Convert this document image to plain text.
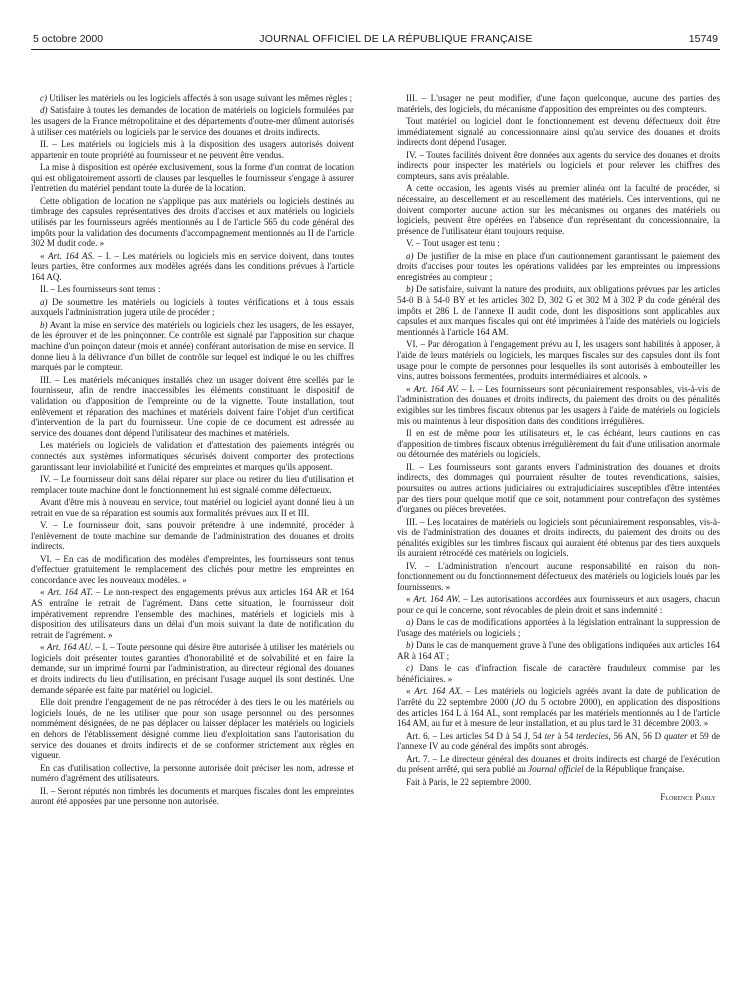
5 octobre 2000	JOURNAL OFFICIEL DE LA RÉPUBLIQUE FRANÇAISE	15749

c) Utiliser les matériels ou les logiciels affectés à son usage suivant les mêmes règles ;

d) Satisfaire à toutes les demandes de location de matériels ou logiciels formulées par les usagers de la France métropolitaine et des départements d'outre-mer dûment autorisés à utiliser ces matériels ou logiciels par le service des douanes et droits indirects.

II. – Les matériels ou logiciels mis à la disposition des usagers autorisés doivent appartenir en toute propriété au fournisseur et ne peuvent être vendus.

La mise à disposition est opérée exclusivement, sous la forme d'un contrat de location qui est obligatoirement assorti de clauses par lesquelles le fournisseur s'engage à assurer l'entretien du matériel pendant toute la durée de la location.

Cette obligation de location ne s'applique pas aux matériels ou logiciels destinés au timbrage des capsules représentatives des droits d'accises et aux matériels ou logiciels utilisés par les fournisseurs agréés mentionnés au I de l'article 565 du code général des impôts pour la validation des documents d'accompagnement mentionnés au II de l'article 302 M dudit code. »

« Art. 164 AS. – I. – Les matériels ou logiciels mis en service doivent, dans toutes leurs parties, être conformes aux modèles agréés dans les conditions prévues à l'article 164 AQ.

II. – Les fournisseurs sont tenus :

a) De soumettre les matériels ou logiciels à toutes vérifications et à tous essais auxquels l'administration jugera utile de procéder ;

b) Avant la mise en service des matériels ou logiciels chez les usagers, de les essayer, de les éprouver et de les poinçonner. Ce contrôle est signalé par l'apposition sur chaque machine d'un poinçon dateur (mois et année) conférant autorisation de mise en service. Il donne lieu à la délivrance d'un billet de contrôle sur lequel est indiqué le ou les chiffres marqués par le compteur.

III. – Les matériels mécaniques installés chez un usager doivent être scellés par le fournisseur, afin de rendre inaccessibles les éléments constituant le dispositif de validation ou d'apposition de l'empreinte ou de la vignette. Toute installation, tout enlèvement et réparation des machines et matériels doivent faire l'objet d'un certificat d'intervention de la part du fournisseur. Une copie de ce document est adressée au service des douanes dont dépend l'utilisateur des machines et matériels.

Les matériels ou logiciels de validation et d'attestation des paiements intégrés ou connectés aux systèmes informatiques sécurisés doivent comporter des protections garantissant leur inviolabilité et l'unicité des empreintes et marques qu'ils apposent.

IV. – Le fournisseur doit sans délai réparer sur place ou retirer du lieu d'utilisation et remplacer toute machine dont le fonctionnement lui est signalé comme défectueux.

Avant d'être mis à nouveau en service, tout matériel ou logiciel ayant donné lieu à un retrait en vue de sa réparation est soumis aux formalités prévues aux II et III.

V. – Le fournisseur doit, sans pouvoir prétendre à une indemnité, procéder à l'enlèvement de toute machine sur demande de l'administration des douanes et droits indirects.

VI. – En cas de modification des modèles d'empreintes, les fournisseurs sont tenus d'effectuer gratuitement le remplacement des clichés pour mettre les empreintes en concordance avec les nouveaux modèles. »

« Art. 164 AT. – Le non-respect des engagements prévus aux articles 164 AR et 164 AS entraîne le retrait de l'agrément. Dans cette situation, le fournisseur doit impérativement reprendre l'ensemble des machines, matériels et logiciels mis à disposition des utilisateurs dans un délai d'un mois suivant la date de notification du retrait de l'agrément. »

« Art. 164 AU. – I. – Toute personne qui désire être autorisée à utiliser les matériels ou logiciels doit présenter toutes garanties d'honorabilité et de solvabilité et en faire la demande, sur un imprimé fourni par l'administration, au directeur régional des douanes et droits indirects du lieu d'utilisation, en précisant l'usage auquel ils sont destinés. Une demande séparée est faite par matériel ou logiciel.

Elle doit prendre l'engagement de ne pas rétrocéder à des tiers le ou les matériels ou logiciels loués, de ne les utiliser que pour son usage personnel ou des personnes nommément désignées, de ne pas déplacer ou laisser déplacer les matériels ou logiciels en dehors de l'établissement désigné comme lieu d'exploitation sans l'autorisation du service des douanes et droits indirects et de se conformer strictement aux règles en vigueur.

En cas d'utilisation collective, la personne autorisée doit préciser les nom, adresse et numéro d'agrément des utilisateurs.

II. – Seront réputés non timbrés les documents et marques fiscales dont les empreintes auront été apposées par une personne non autorisée.

III. – L'usager ne peut modifier, d'une façon quelconque, aucune des parties des matériels, des logiciels, du mécanisme d'apposition des empreintes ou des compteurs.

Tout matériel ou logiciel dont le fonctionnement est devenu défectueux doit être immédiatement signalé au concessionnaire ainsi qu'au service des douanes et droits indirects dont dépend l'usager.

IV. – Toutes facilités doivent être données aux agents du service des douanes et droits indirects pour inspecter les matériels ou logiciels et pour relever les chiffres des compteurs, sans avis préalable.

A cette occasion, les agents visés au premier alinéa ont la faculté de procéder, si nécessaire, au descellement et au rescellement des matériels. Ces interventions, qui ne doivent comporter aucune action sur les mécanismes ou organes des matériels ou logiciels, peuvent être opérées en l'absence d'un représentant du concessionnaire, la présence de l'utilisateur étant toujours requise.

V. – Tout usager est tenu :

a) De justifier de la mise en place d'un cautionnement garantissant le paiement des droits d'accises pour toutes les opérations validées par les empreintes ou impressions enregistrées au compteur ;

b) De satisfaire, suivant la nature des produits, aux obligations prévues par les articles 54-0 B à 54-0 BY et les articles 302 D, 302 G et 302 M à 302 P du code général des impôts et 286 L de l'annexe II audit code, dont les dispositions sont applicables aux capsules et aux marques fiscales qui ont été imprimées à l'aide des matériels ou logiciels mentionnés à l'article 164 AM.

VI. – Par dérogation à l'engagement prévu au I, les usagers sont habilités à apposer, à l'aide de leurs matériels ou logiciels, les marques fiscales sur des capsules dont ils font usage pour le compte de personnes pour lesquelles ils sont autorisés à embouteiller les vins, autres boissons fermentées, produits intermédiaires et alcools. »

« Art. 164 AV. – I. – Les fournisseurs sont pécuniairement responsables, vis-à-vis de l'administration des douanes et droits indirects, du paiement des droits ou des pénalités exigibles sur les timbres fiscaux obtenus par les usagers à l'aide de matériels ou logiciels mis ou maintenus à leur disposition dans des conditions irrégulières.

Il en est de même pour les utilisateurs et, le cas échéant, leurs cautions en cas d'apposition de timbres fiscaux obtenus irrégulièrement du fait d'une utilisation anormale ou détournée des matériels ou logiciels.

II. – Les fournisseurs sont garants envers l'administration des douanes et droits indirects, des dommages qui pourraient résulter de toutes revendications, saisies, poursuites ou autres actions judiciaires ou extrajudiciaires susceptibles d'être intentées par des tiers pour quelque motif que ce soit, notamment pour contrefaçon des systèmes d'organes ou pièces brevetées.

III. – Les locataires de matériels ou logiciels sont pécuniairement responsables, vis-à-vis de l'administration des douanes et droits indirects, du paiement des droits ou des pénalités exigibles sur les timbres fiscaux qui auraient été obtenus par des tiers auxquels ils auraient rétrocédé ces matériels ou logiciels.

IV. – L'administration n'encourt aucune responsabilité en raison du non-fonctionnement ou du fonctionnement défectueux des matériels ou logiciels loués par les fournisseurs. »

« Art. 164 AW. – Les autorisations accordées aux fournisseurs et aux usagers, chacun pour ce qui le concerne, sont révocables de plein droit et sans indemnité :

a) Dans le cas de modifications apportées à la législation entraînant la suppression de l'usage des matériels ou logiciels ;

b) Dans le cas de manquement grave à l'une des obligations indiquées aux articles 164 AR à 164 AT ;

c) Dans le cas d'infraction fiscale de caractère frauduleux commise par les bénéficiaires. »

« Art. 164 AX. – Les matériels ou logiciels agréés avant la date de publication de l'arrêté du 22 septembre 2000 (JO du 5 octobre 2000), en application des dispositions des articles 164 L à 164 AL, sont remplacés par les matériels mentionnés au I de l'article 164 AM, au fur et à mesure de leur installation, et au plus tard le 31 décembre 2003. »

Art. 6. – Les articles 54 D à 54 J, 54 ter à 54 terdecies, 56 AN, 56 D quater et 59 de l'annexe IV au code général des impôts sont abrogés.

Art. 7. – Le directeur général des douanes et droits indirects est chargé de l'exécution du présent arrêté, qui sera publié au Journal officiel de la République française.

Fait à Paris, le 22 septembre 2000.

Florence Parly
